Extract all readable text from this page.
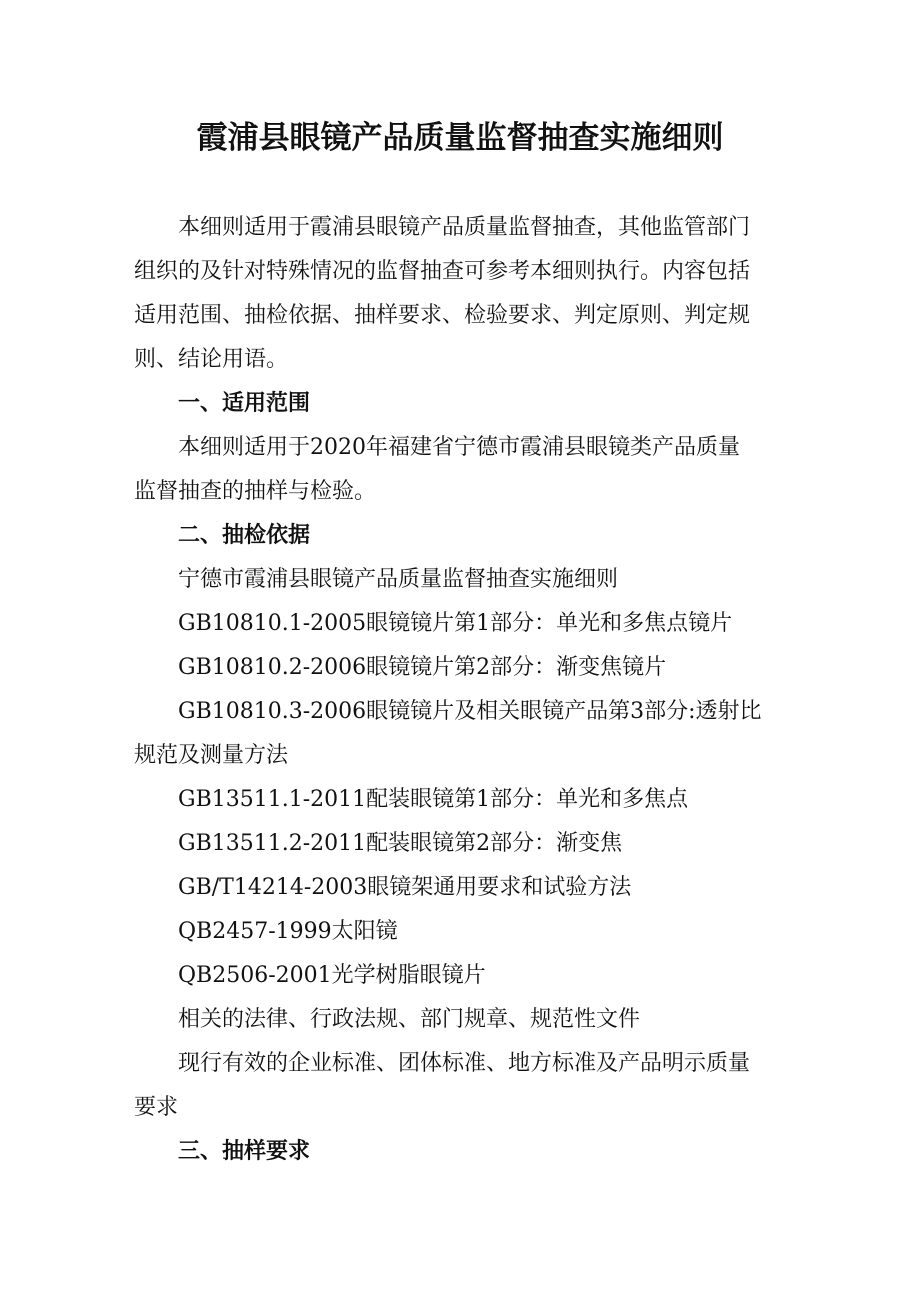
霞浦县眼镜产品质量监督抽查实施细则
本细则适用于霞浦县眼镜产品质量监督抽查，其他监管部门
组织的及针对特殊情况的监督抽查可参考本细则执行。内容包括
适用范围、抽检依据、抽样要求、检验要求、判定原则、判定规
则、结论用语。
一、适用范围
本细则适用于2020年福建省宁德市霞浦县眼镜类产品质量
监督抽查的抽样与检验。
二、抽检依据
宁德市霞浦县眼镜产品质量监督抽查实施细则
GB10810.1-2005眼镜镜片第1部分：单光和多焦点镜片
GB10810.2-2006眼镜镜片第2部分：渐变焦镜片
GB10810.3-2006眼镜镜片及相关眼镜产品第3部分:透射比
规范及测量方法
GB13511.1-2011配装眼镜第1部分：单光和多焦点
GB13511.2-2011配装眼镜第2部分：渐变焦
GB/T14214-2003眼镜架通用要求和试验方法
QB2457-1999太阳镜
QB2506-2001光学树脂眼镜片
相关的法律、行政法规、部门规章、规范性文件
现行有效的企业标准、团体标准、地方标准及产品明示质量
要求
三、抽样要求
